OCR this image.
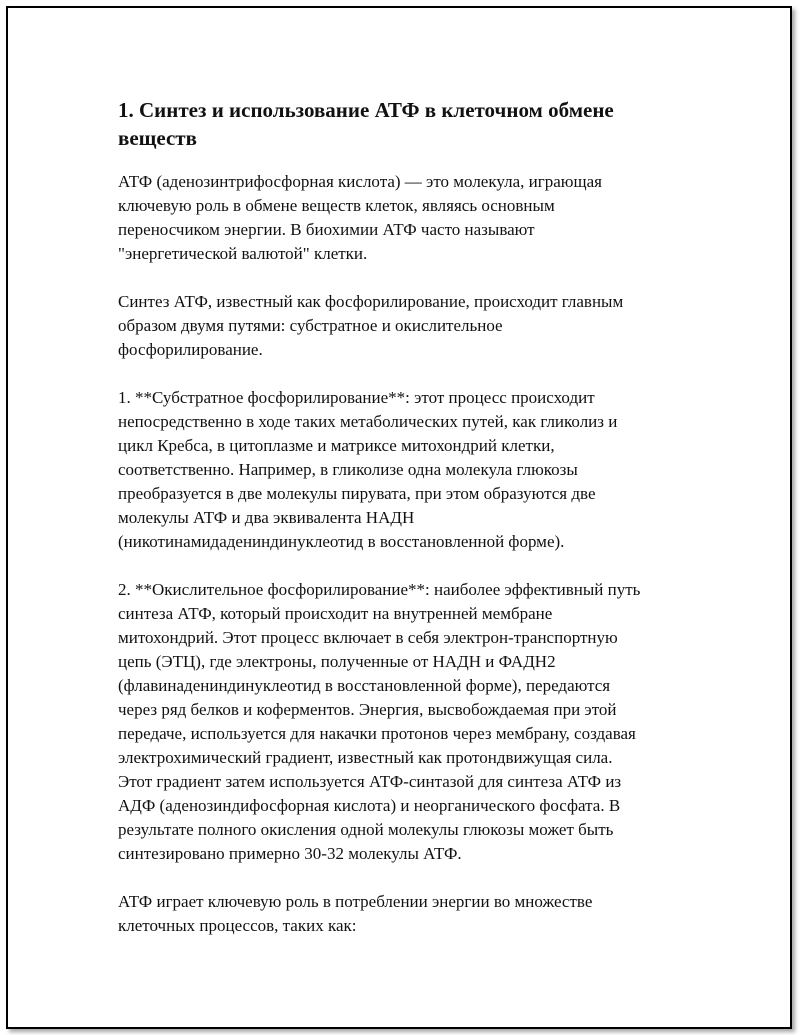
1. Синтез и использование АТФ в клеточном обмене
веществ

АТФ (аденозинтрифосфорная кислота) — это молекула, играющая
ключевую роль в обмене веществ клеток, являясь основным
переносчиком энергии. В биохимии АТФ часто называют
"энергетической валютой" клетки.

Синтез АТФ, известный как фосфорилирование, происходит главным
образом двумя путями: субстратное и окислительное
фосфорилирование.

1. **Субстратное фосфорилирование**: этот процесс происходит
непосредственно в ходе таких метаболических путей, как гликолиз и
цикл Кребса, в цитоплазме и матриксе митохондрий клетки,
соответственно. Например, в гликолизе одна молекула глюкозы
преобразуется в две молекулы пирувата, при этом образуются две
молекулы АТФ и два эквивалента НАДН
(никотинамидадениндинуклеотид в восстановленной форме).

2. **Окислительное фосфорилирование**: наиболее эффективный путь
синтеза АТФ, который происходит на внутренней мембране
митохондрий. Этот процесс включает в себя электрон-транспортную
цепь (ЭТЦ), где электроны, полученные от НАДН и ФАДН2
(флавинадениндинуклеотид в восстановленной форме), передаются
через ряд белков и коферментов. Энергия, высвобождаемая при этой
передаче, используется для накачки протонов через мембрану, создавая
электрохимический градиент, известный как протондвижущая сила.
Этот градиент затем используется АТФ-синтазой для синтеза АТФ из
АДФ (аденозиндифосфорная кислота) и неорганического фосфата. В
результате полного окисления одной молекулы глюкозы может быть
синтезировано примерно 30-32 молекулы АТФ.

АТФ играет ключевую роль в потреблении энергии во множестве
клеточных процессов, таких как:
